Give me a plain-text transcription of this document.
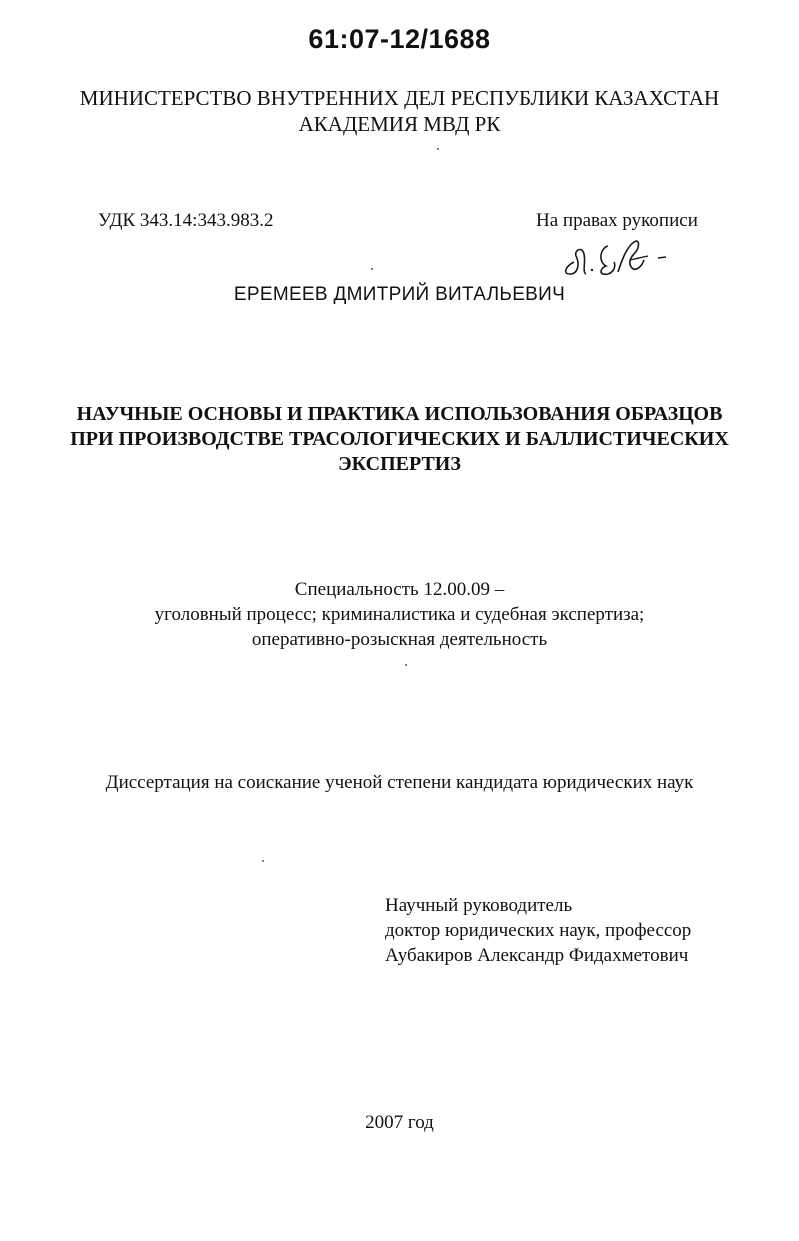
61:07-12/1688
МИНИСТЕРСТВО ВНУТРЕННИХ ДЕЛ РЕСПУБЛИКИ КАЗАХСТАН
АКАДЕМИЯ МВД РК
УДК 343.14:343.983.2	На правах рукописи
ЕРЕМЕЕВ ДМИТРИЙ ВИТАЛЬЕВИЧ
НАУЧНЫЕ ОСНОВЫ И ПРАКТИКА ИСПОЛЬЗОВАНИЯ ОБРАЗЦОВ
ПРИ ПРОИЗВОДСТВЕ ТРАСОЛОГИЧЕСКИХ И БАЛЛИСТИЧЕСКИХ
ЭКСПЕРТИЗ
Специальность 12.00.09 –
уголовный процесс; криминалистика и судебная экспертиза;
оперативно-розыскная деятельность
Диссертация на соискание ученой степени кандидата юридических наук
Научный руководитель
доктор юридических наук, профессор
Аубакиров Александр Фидахметович
2007 год
